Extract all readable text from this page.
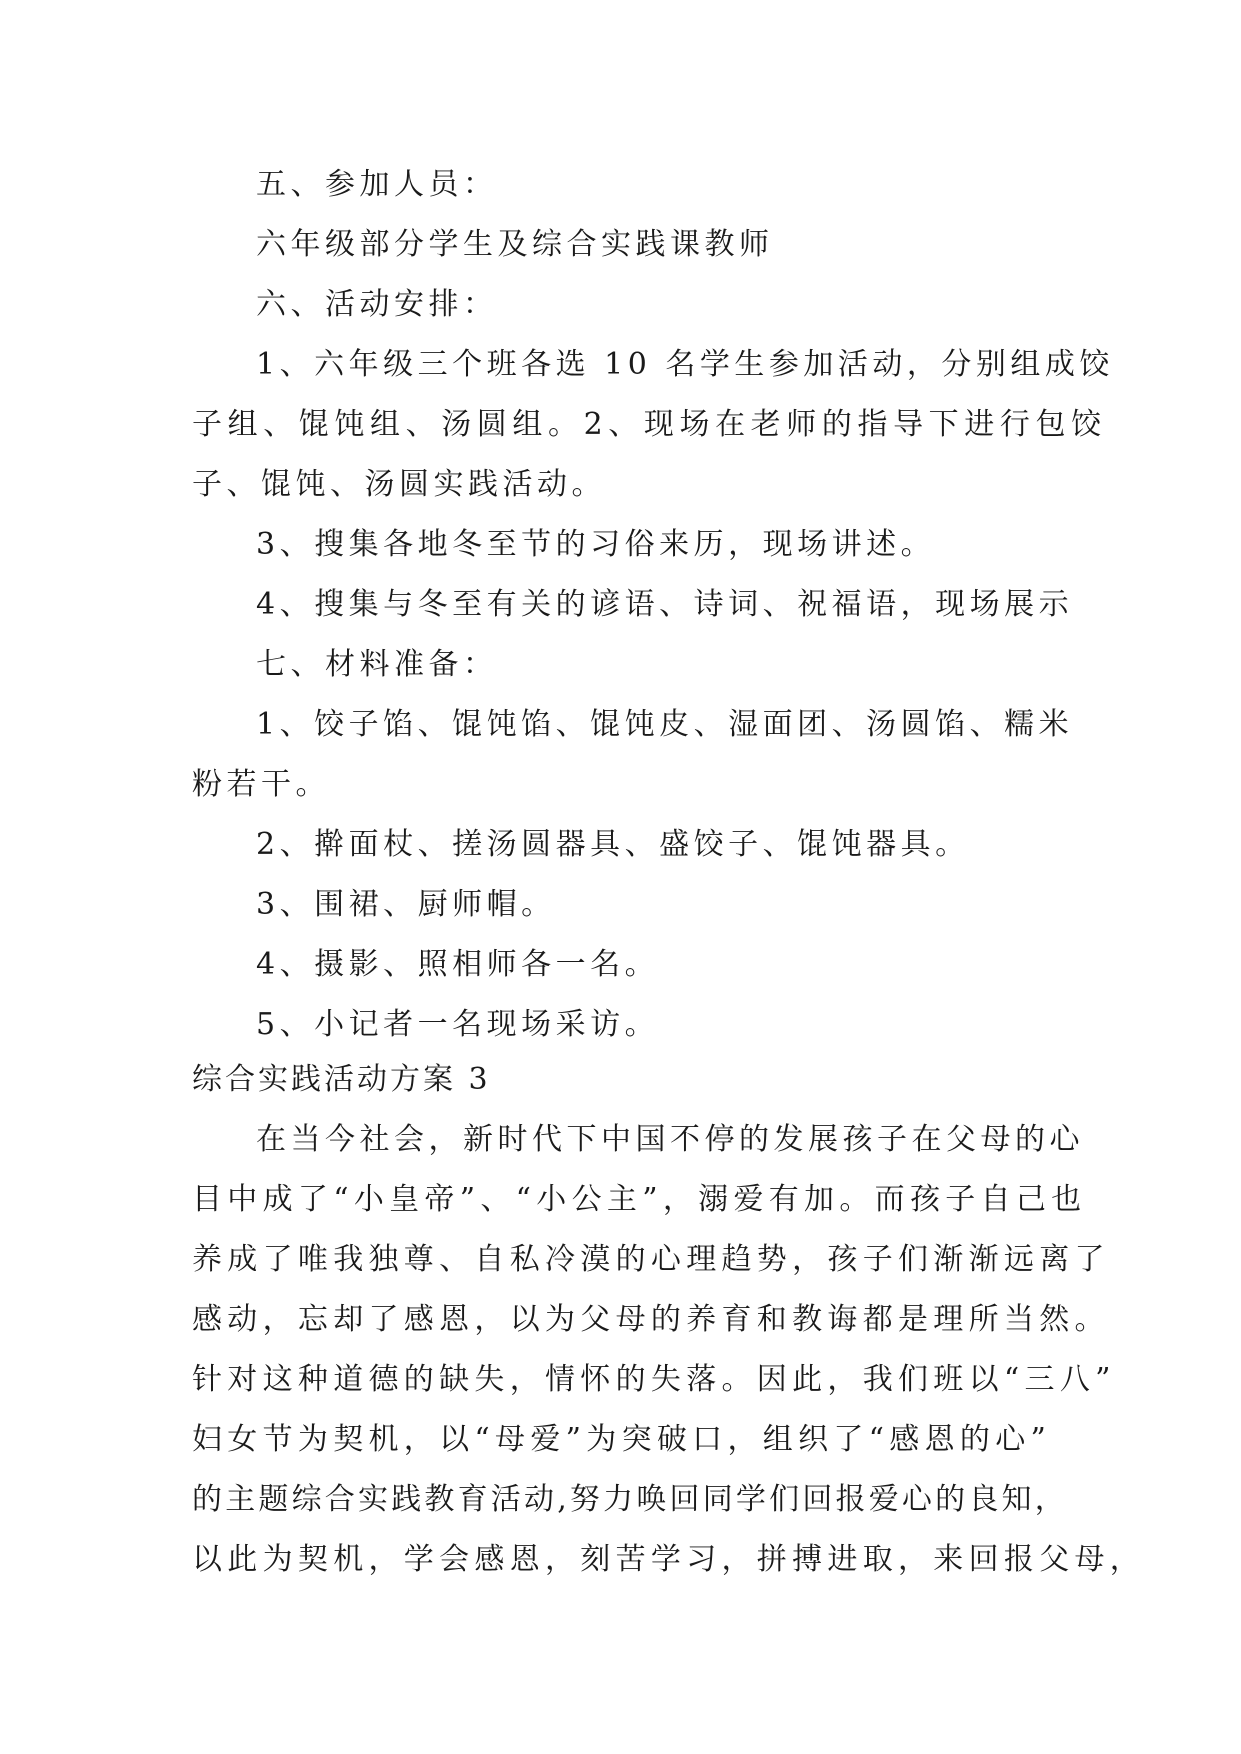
五、参加人员：
六年级部分学生及综合实践课教师
六、活动安排：
1、六年级三个班各选 10 名学生参加活动，分别组成饺
子组、馄饨组、汤圆组。2、现场在老师的指导下进行包饺
子、馄饨、汤圆实践活动。
3、搜集各地冬至节的习俗来历，现场讲述。
4、搜集与冬至有关的谚语、诗词、祝福语，现场展示
七、材料准备：
1、饺子馅、馄饨馅、馄饨皮、湿面团、汤圆馅、糯米
粉若干。
2、擀面杖、搓汤圆器具、盛饺子、馄饨器具。
3、围裙、厨师帽。
4、摄影、照相师各一名。
5、小记者一名现场采访。
综合实践活动方案 3
在当今社会，新时代下中国不停的发展孩子在父母的心
目中成了“小皇帝”、“小公主”，溺爱有加。而孩子自己也
养成了唯我独尊、自私冷漠的心理趋势，孩子们渐渐远离了
感动，忘却了感恩，以为父母的养育和教诲都是理所当然。
针对这种道德的缺失，情怀的失落。因此，我们班以“三八”
妇女节为契机，以“母爱”为突破口，组织了“感恩的心”
的主题综合实践教育活动,努力唤回同学们回报爱心的良知，
以此为契机，学会感恩，刻苦学习，拼搏进取，来回报父母，
